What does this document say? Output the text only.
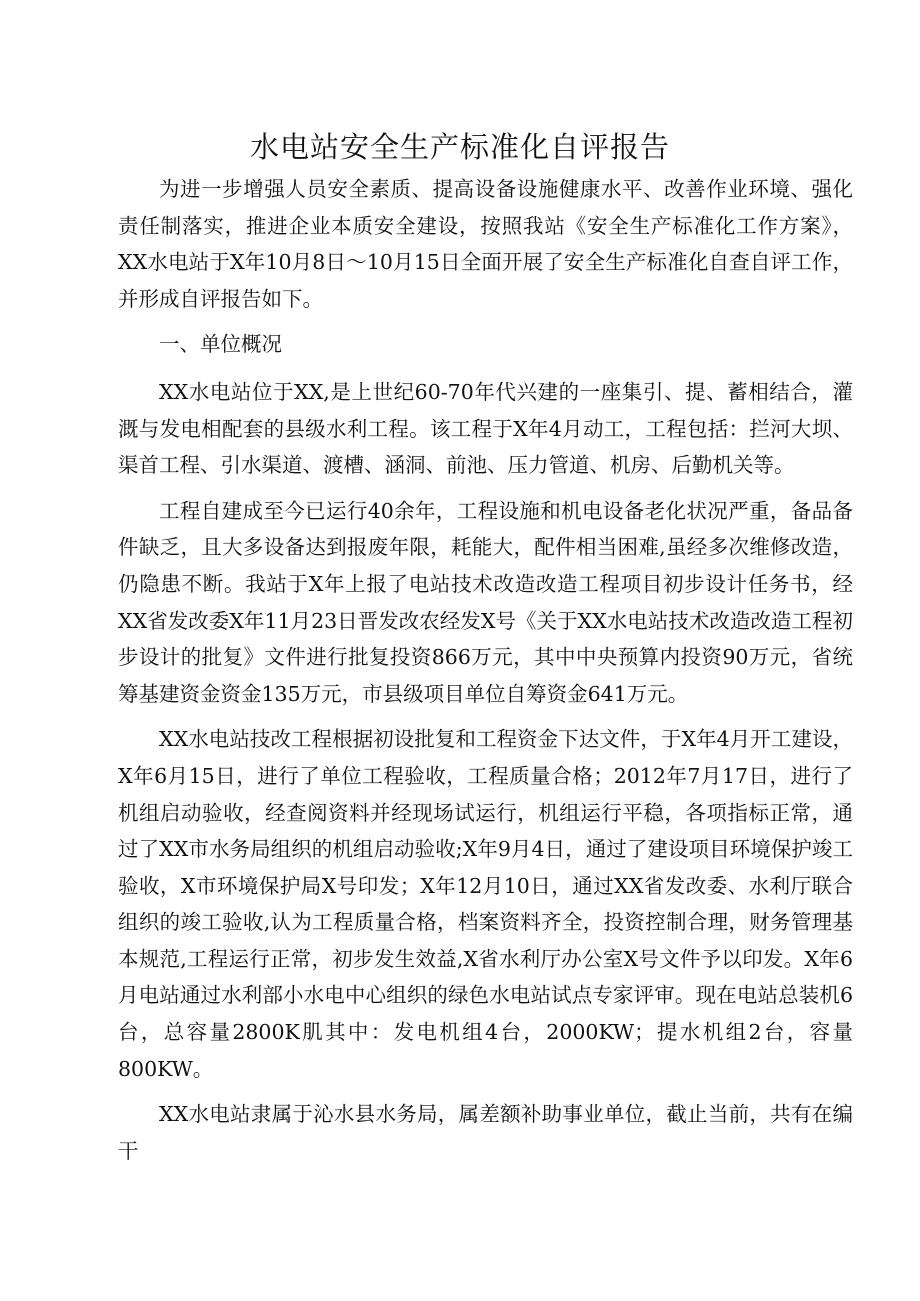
水电站安全生产标准化自评报告

为进一步增强人员安全素质、提高设备设施健康水平、改善作业环境、强化责任制落实，推进企业本质安全建设，按照我站《安全生产标准化工作方案》，XX水电站于X年10月8日～10月15日全面开展了安全生产标准化自查自评工作，并形成自评报告如下。

一、单位概况

XX水电站位于XX,是上世纪60-70年代兴建的一座集引、提、蓄相结合，灌溉与发电相配套的县级水利工程。该工程于X年4月动工，工程包括：拦河大坝、渠首工程、引水渠道、渡槽、涵洞、前池、压力管道、机房、后勤机关等。

工程自建成至今已运行40余年，工程设施和机电设备老化状况严重，备品备件缺乏，且大多设备达到报废年限，耗能大，配件相当困难,虽经多次维修改造，仍隐患不断。我站于X年上报了电站技术改造改造工程项目初步设计任务书，经XX省发改委X年11月23日晋发改农经发X号《关于XX水电站技术改造改造工程初步设计的批复》文件进行批复投资866万元，其中中央预算内投资90万元，省统筹基建资金资金135万元，市县级项目单位自筹资金641万元。

XX水电站技改工程根据初设批复和工程资金下达文件，于X年4月开工建设，X年6月15日，进行了单位工程验收，工程质量合格；2012年7月17日，进行了机组启动验收，经查阅资料并经现场试运行，机组运行平稳，各项指标正常，通过了XX市水务局组织的机组启动验收;X年9月4日，通过了建设项目环境保护竣工验收，X市环境保护局X号印发；X年12月10日，通过XX省发改委、水利厅联合组织的竣工验收,认为工程质量合格，档案资料齐全，投资控制合理，财务管理基本规范,工程运行正常，初步发生效益,X省水利厅办公室X号文件予以印发。X年6月电站通过水利部小水电中心组织的绿色水电站试点专家评审。现在电站总装机6台，总容量2800K肌其中：发电机组4台，2000KW；提水机组2台，容量800KW。

XX水电站隶属于沁水县水务局，属差额补助事业单位，截止当前，共有在编干
